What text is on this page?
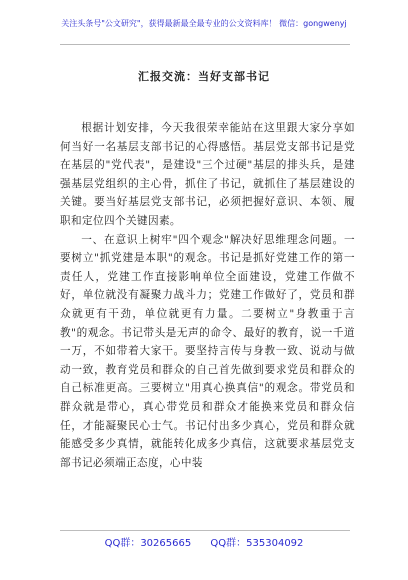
关注头条号"公文研究"，获得最新最全最专业的公文资料库！ 微信：gongwenyj
汇报交流：当好支部书记

根据计划安排，今天我很荣幸能站在这里跟大家分享如何当好一名基层支部书记的心得感悟。基层党支部书记是党在基层的"党代表"，是建设"三个过硬"基层的排头兵，是建强基层党组织的主心骨，抓住了书记，就抓住了基层建设的关键。要当好基层党支部书记，必须把握好意识、本领、履职和定位四个关键因素。

一、在意识上树牢"四个观念"解决好思维理念问题。一要树立"抓党建是本职"的观念。书记是抓好党建工作的第一责任人，党建工作直接影响单位全面建设，党建工作做不好，单位就没有凝聚力战斗力；党建工作做好了，党员和群众就更有干劲，单位就更有力量。二要树立"身教重于言教"的观念。书记带头是无声的命令、最好的教育，说一千道一万，不如带着大家干。要坚持言传与身教一致、说动与做动一致，教育党员和群众的自己首先做到要求党员和群众的自己标准更高。三要树立"用真心换真信"的观念。带党员和群众就是带心，真心带党员和群众才能换来党员和群众信任，才能凝聚民心士气。书记付出多少真心，党员和群众就能感受多少真情，就能转化成多少真信，这就要求基层党支部书记必须端正态度，心中装

QQ群：30265665 QQ群：535304092
